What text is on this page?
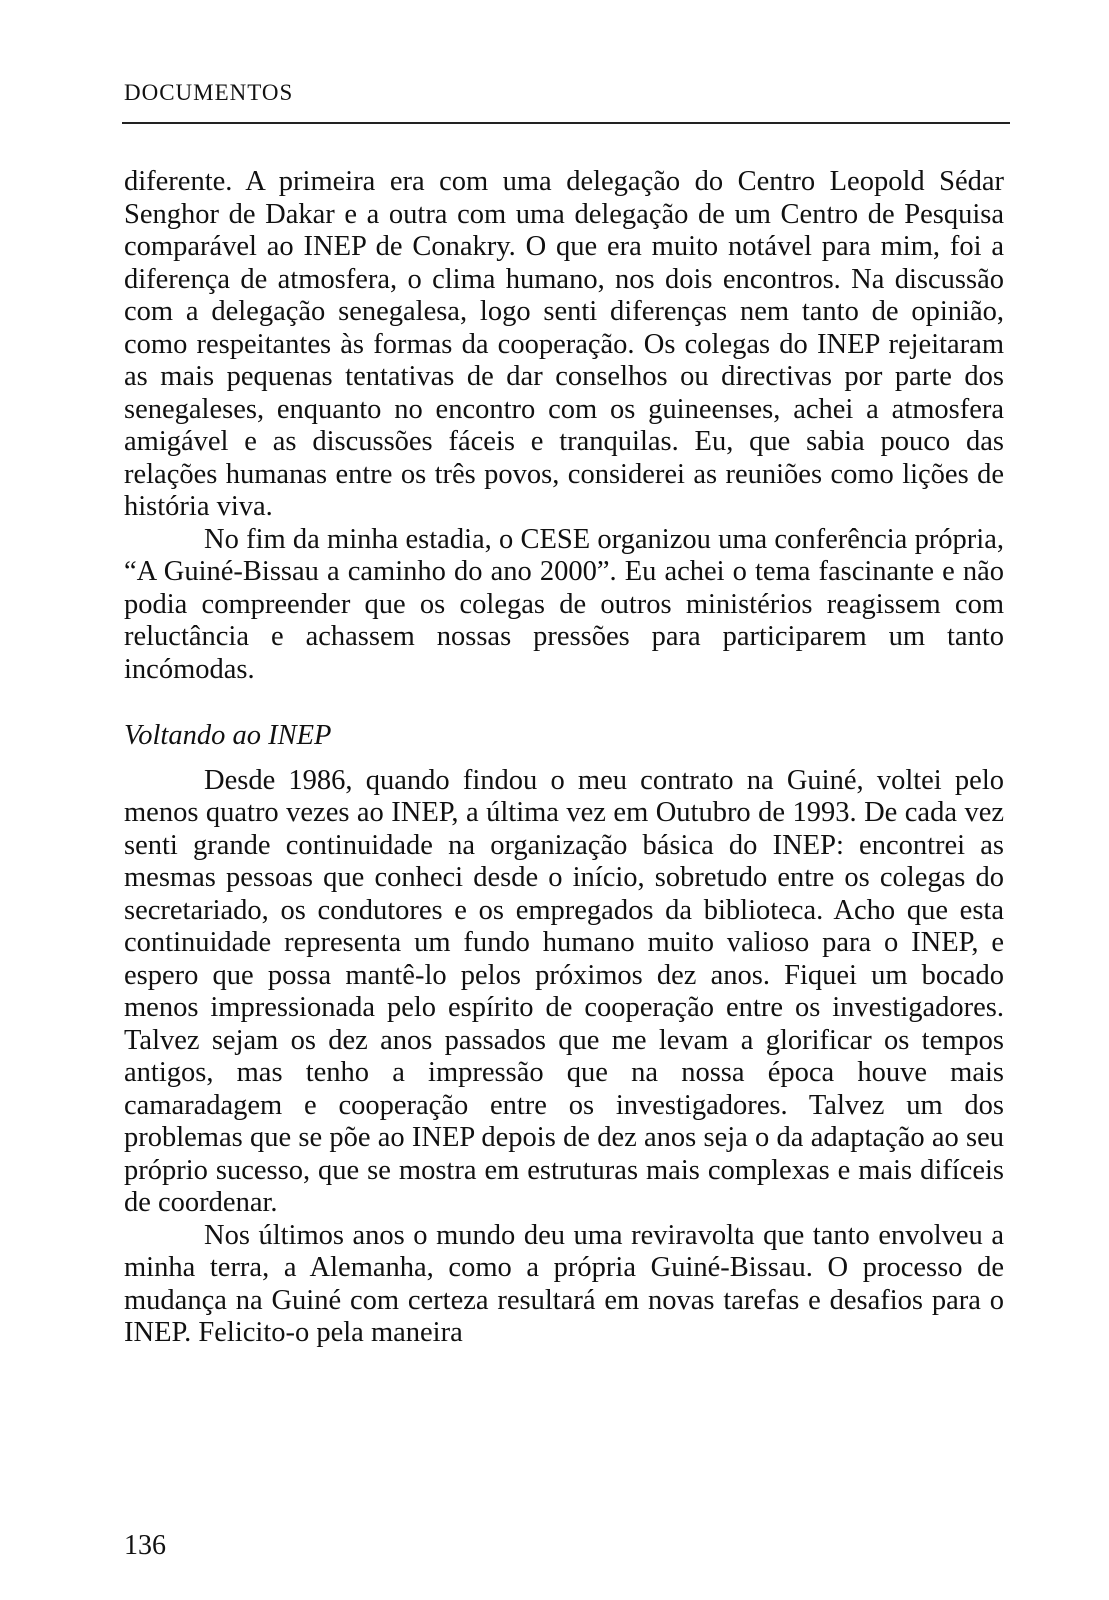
DOCUMENTOS

diferente. A primeira era com uma delegação do Centro Leopold Sédar Senghor de Dakar e a outra com uma delegação de um Centro de Pesquisa comparável ao INEP de Conakry. O que era muito notável para mim, foi a diferença de atmosfera, o clima humano, nos dois encontros. Na discussão com a delegação senegalesa, logo senti diferenças nem tanto de opinião, como respeitantes às formas da cooperação. Os colegas do INEP rejeitaram as mais pequenas tentativas de dar conselhos ou directivas por parte dos senegaleses, enquanto no encontro com os guineenses, achei a atmosfera amigável e as discussões fáceis e tranquilas. Eu, que sabia pouco das relações humanas entre os três povos, considerei as reuniões como lições de história viva.

No fim da minha estadia, o CESE organizou uma conferência própria, “A Guiné-Bissau a caminho do ano 2000”. Eu achei o tema fascinante e não podia compreender que os colegas de outros ministérios reagissem com reluctância e achassem nossas pressões para participarem um tanto incómodas.

Voltando ao INEP

Desde 1986, quando findou o meu contrato na Guiné, voltei pelo menos quatro vezes ao INEP, a última vez em Outubro de 1993. De cada vez senti grande continuidade na organização básica do INEP: encontrei as mesmas pessoas que conheci desde o início, sobretudo entre os colegas do secretariado, os condutores e os empregados da biblioteca. Acho que esta continuidade representa um fundo humano muito valioso para o INEP, e espero que possa mantê-lo pelos próximos dez anos. Fiquei um bocado menos impressionada pelo espírito de cooperação entre os investigadores. Talvez sejam os dez anos passados que me levam a glorificar os tempos antigos, mas tenho a impressão que na nossa época houve mais camaradagem e cooperação entre os investigadores. Talvez um dos problemas que se põe ao INEP depois de dez anos seja o da adaptação ao seu próprio sucesso, que se mostra em estruturas mais complexas e mais difíceis de coordenar.

Nos últimos anos o mundo deu uma reviravolta que tanto envolveu a minha terra, a Alemanha, como a própria Guiné-Bissau. O processo de mudança na Guiné com certeza resultará em novas tarefas e desafios para o INEP. Felicito-o pela maneira

136
